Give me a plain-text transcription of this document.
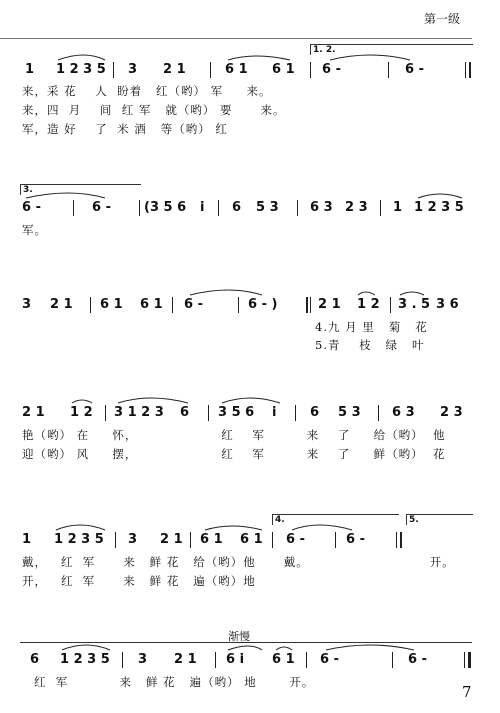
第一级
1. 2.
1 1 2 3 5 3 2 1	6 1 6 1 6 -	6 -
来，采 花    人  盼着   红（哟） 军     来。
来，四  月    间  红 军   就（哟） 要      来。
军，造 好    了  米 酒   等（哟） 红
3.
6 -	6 -	(3 5 6 i 6 5 3 6 3 2 3 1 1 2 3 5
军。
3 2 1 6 1 6 1 6 -	6 - )	2 1 1 2 3 . 5 3 6
4.九 月 里   菊   花
5.青    枝   绿   叶
2 1 1 2 3 1 2 3 6 3 5 6 i	6 5 3 6 3 2 3
艳（哟） 在     怀，                  红    军         来    了     给（哟）  他
迎（哟） 风     摆，                  红    军         来    了     鲜（哟）  花
4.	5.
1 1 2 3 5 3 2 1 6 1 6 1 6 -	6 -
戴，   红  军      来   鲜 花   给（哟）他      戴。                          开。
开，   红  军      来   鲜 花   遍（哟）地
渐慢
6 1 2 3 5 3 2 1 6 i 6 1 6 -	6 -
红  军           来   鲜 花   遍（哟） 地       开。
7
